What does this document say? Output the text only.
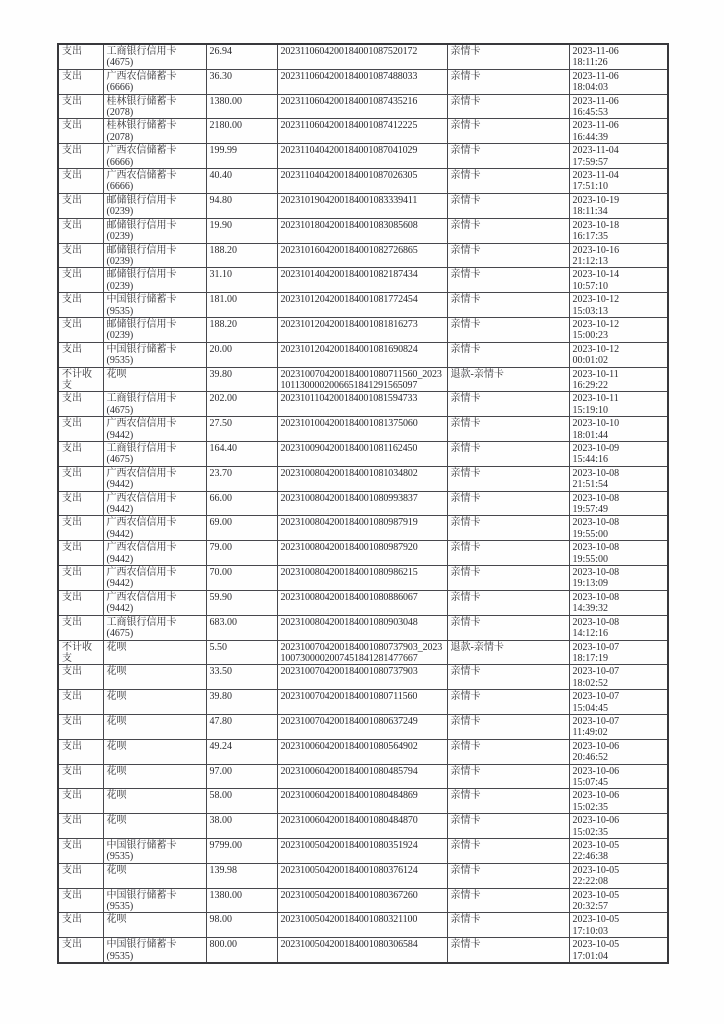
支出	工商银行信用卡
(4675)	26.94	2023110604200184001087520172	亲情卡	2023-11-06
18:11:26

支出	广西农信储蓄卡
(6666)	36.30	2023110604200184001087488033	亲情卡	2023-11-06
18:04:03

支出	桂林银行储蓄卡
(2078)	1380.00	2023110604200184001087435216	亲情卡	2023-11-06
16:45:53

支出	桂林银行储蓄卡
(2078)	2180.00	2023110604200184001087412225	亲情卡	2023-11-06
16:44:39

支出	广西农信储蓄卡
(6666)	199.99	2023110404200184001087041029	亲情卡	2023-11-04
17:59:57

支出	广西农信储蓄卡
(6666)	40.40	2023110404200184001087026305	亲情卡	2023-11-04
17:51:10

支出	邮储银行信用卡
(0239)	94.80	2023101904200184001083339411	亲情卡	2023-10-19
18:11:34

支出	邮储银行信用卡
(0239)	19.90	2023101804200184001083085608	亲情卡	2023-10-18
16:17:35

支出	邮储银行信用卡
(0239)	188.20	2023101604200184001082726865	亲情卡	2023-10-16
21:12:13

支出	邮储银行信用卡
(0239)	31.10	2023101404200184001082187434	亲情卡	2023-10-14
10:57:10

支出	中国银行储蓄卡
(9535)	181.00	2023101204200184001081772454	亲情卡	2023-10-12
15:03:13

支出	邮储银行信用卡
(0239)	188.20	2023101204200184001081816273	亲情卡	2023-10-12
15:00:23

支出	中国银行储蓄卡
(9535)	20.00	2023101204200184001081690824	亲情卡	2023-10-12
00:01:02

不计收支	花呗	39.80	2023100704200184001080711560_20231011300002006651841291565097	退款-亲情卡	2023-10-11
16:29:22

支出	工商银行信用卡
(4675)	202.00	2023101104200184001081594733	亲情卡	2023-10-11
15:19:10

支出	广西农信信用卡
(9442)	27.50	2023101004200184001081375060	亲情卡	2023-10-10
18:01:44

支出	工商银行信用卡
(4675)	164.40	2023100904200184001081162450	亲情卡	2023-10-09
15:44:16

支出	广西农信信用卡
(9442)	23.70	2023100804200184001081034802	亲情卡	2023-10-08
21:51:54

支出	广西农信信用卡
(9442)	66.00	2023100804200184001080993837	亲情卡	2023-10-08
19:57:49

支出	广西农信信用卡
(9442)	69.00	2023100804200184001080987919	亲情卡	2023-10-08
19:55:00

支出	广西农信信用卡
(9442)	79.00	2023100804200184001080987920	亲情卡	2023-10-08
19:55:00

支出	广西农信信用卡
(9442)	70.00	2023100804200184001080986215	亲情卡	2023-10-08
19:13:09

支出	广西农信信用卡
(9442)	59.90	2023100804200184001080886067	亲情卡	2023-10-08
14:39:32

支出	工商银行信用卡
(4675)	683.00	2023100804200184001080903048	亲情卡	2023-10-08
14:12:16

不计收支	花呗	5.50	2023100704200184001080737903_20231007300002007451841281477667	退款-亲情卡	2023-10-07
18:17:19

支出	花呗	33.50	2023100704200184001080737903	亲情卡	2023-10-07
18:02:52

支出	花呗	39.80	2023100704200184001080711560	亲情卡	2023-10-07
15:04:45

支出	花呗	47.80	2023100704200184001080637249	亲情卡	2023-10-07
11:49:02

支出	花呗	49.24	2023100604200184001080564902	亲情卡	2023-10-06
20:46:52

支出	花呗	97.00	2023100604200184001080485794	亲情卡	2023-10-06
15:07:45

支出	花呗	58.00	2023100604200184001080484869	亲情卡	2023-10-06
15:02:35

支出	花呗	38.00	2023100604200184001080484870	亲情卡	2023-10-06
15:02:35

支出	中国银行储蓄卡
(9535)	9799.00	2023100504200184001080351924	亲情卡	2023-10-05
22:46:38

支出	花呗	139.98	2023100504200184001080376124	亲情卡	2023-10-05
22:22:08

支出	中国银行储蓄卡
(9535)	1380.00	2023100504200184001080367260	亲情卡	2023-10-05
20:32:57

支出	花呗	98.00	2023100504200184001080321100	亲情卡	2023-10-05
17:10:03

支出	中国银行储蓄卡
(9535)	800.00	2023100504200184001080306584	亲情卡	2023-10-05
17:01:04
